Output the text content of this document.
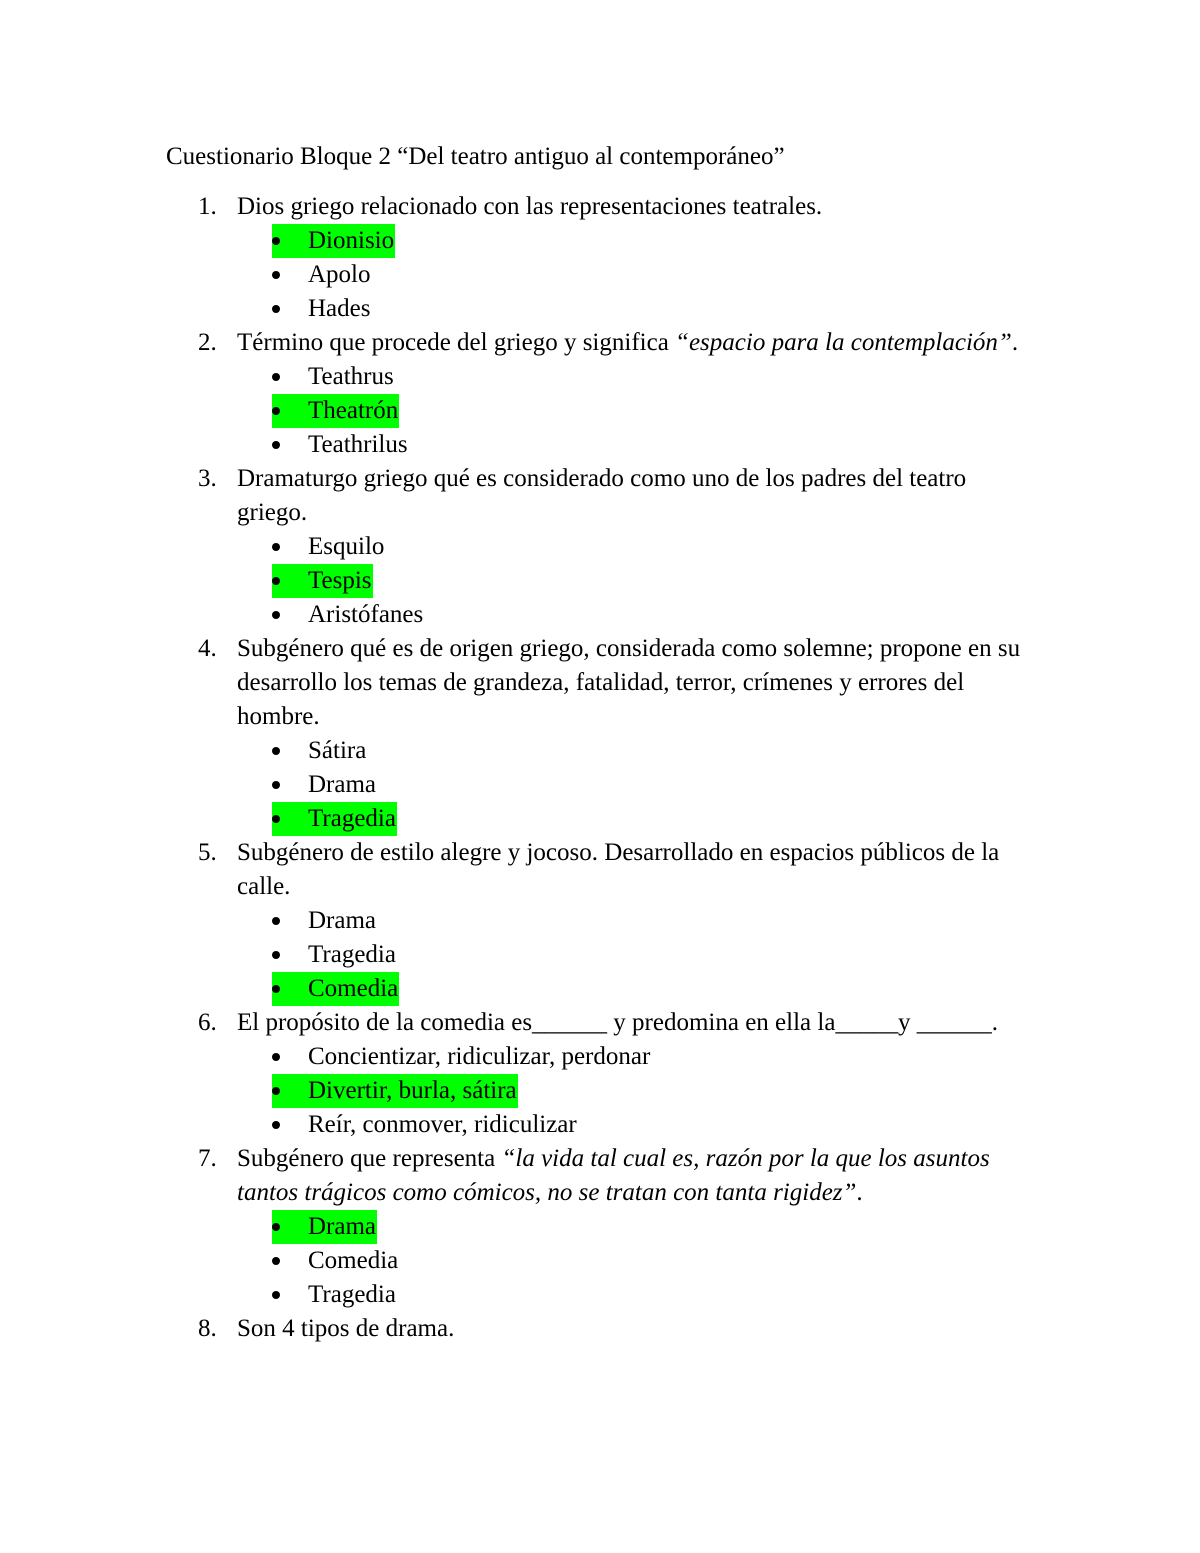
Cuestionario Bloque 2 “Del teatro antiguo al contemporáneo”
1. Dios griego relacionado con las representaciones teatrales.
Dionisio
Apolo
Hades
2. Término que procede del griego y significa “espacio para la contemplación”.
Teathrus
Theatrón
Teathrilus
3. Dramaturgo griego qué es considerado como uno de los padres del teatro griego.
Esquilo
Tespis
Aristófanes
4. Subgénero qué es de origen griego, considerada como solemne; propone en su desarrollo los temas de grandeza, fatalidad, terror, crímenes y errores del hombre.
Sátira
Drama
Tragedia
5. Subgénero de estilo alegre y jocoso. Desarrollado en espacios públicos de la calle.
Drama
Tragedia
Comedia
6. El propósito de la comedia es______ y predomina en ella la_____y ______.
Concientizar, ridiculizar, perdonar
Divertir, burla, sátira
Reír, conmover, ridiculizar
7. Subgénero que representa “la vida tal cual es, razón por la que los asuntos tantos trágicos como cómicos, no se tratan con tanta rigidez”.
Drama
Comedia
Tragedia
8. Son 4 tipos de drama.
